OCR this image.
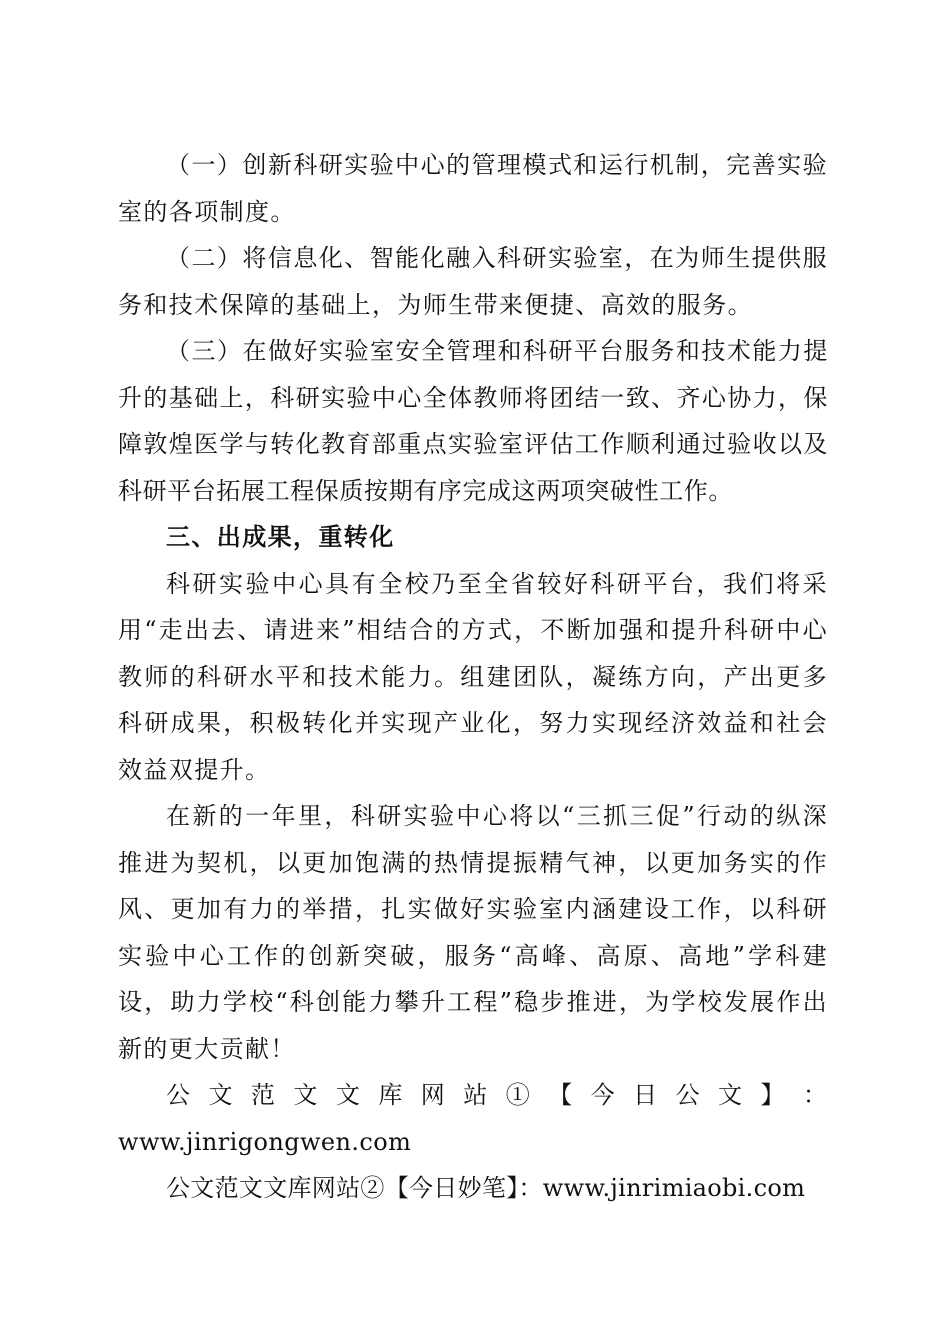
（一）创新科研实验中心的管理模式和运行机制，完善实验室的各项制度。

（二）将信息化、智能化融入科研实验室，在为师生提供服务和技术保障的基础上，为师生带来便捷、高效的服务。

（三）在做好实验室安全管理和科研平台服务和技术能力提升的基础上，科研实验中心全体教师将团结一致、齐心协力，保障敦煌医学与转化教育部重点实验室评估工作顺利通过验收以及科研平台拓展工程保质按期有序完成这两项突破性工作。

三、出成果，重转化

科研实验中心具有全校乃至全省较好科研平台，我们将采用“走出去、请进来”相结合的方式，不断加强和提升科研中心教师的科研水平和技术能力。组建团队，凝练方向，产出更多科研成果，积极转化并实现产业化，努力实现经济效益和社会效益双提升。

在新的一年里，科研实验中心将以“三抓三促”行动的纵深推进为契机，以更加饱满的热情提振精气神，以更加务实的作风、更加有力的举措，扎实做好实验室内涵建设工作，以科研实验中心工作的创新突破，服务“高峰、高原、高地”学科建设，助力学校“科创能力攀升工程”稳步推进，为学校发展作出新的更大贡献！

公 文 范 文 文 库 网 站 ① 【 今 日 公 文 】 ：

www.jinrigongwen.com

公文范文文库网站②【今日妙笔】：www.jinrimiaobi.com
